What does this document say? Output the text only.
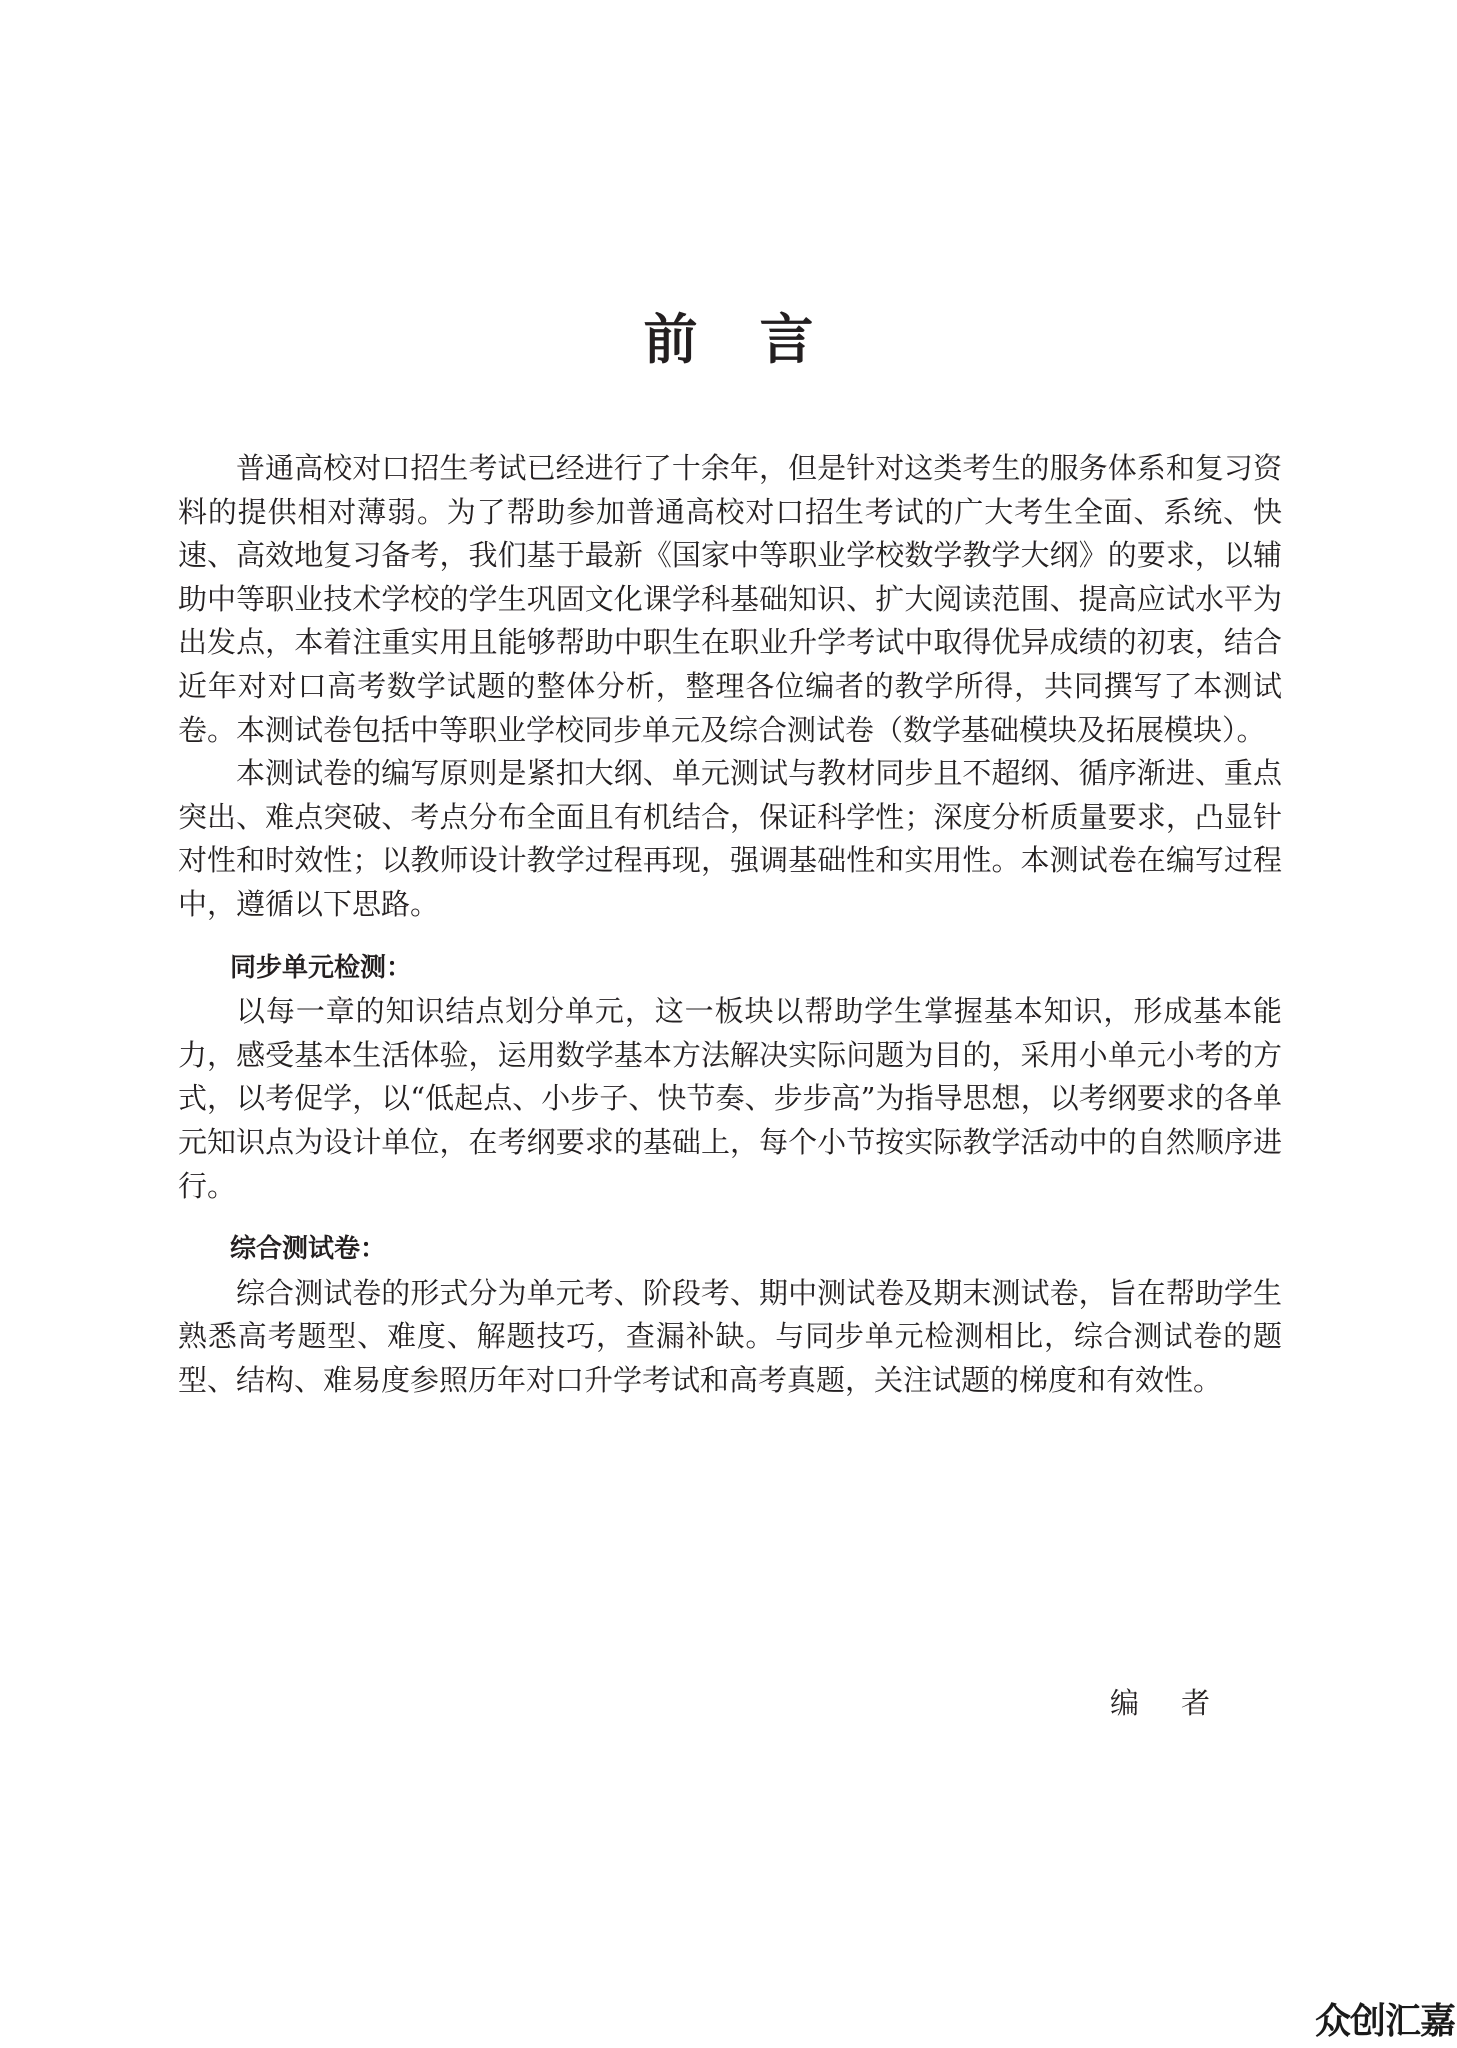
前言

普通高校对口招生考试已经进行了十余年，但是针对这类考生的服务体系和复习资料的提供相对薄弱。为了帮助参加普通高校对口招生考试的广大考生全面、系统、快速、高效地复习备考，我们基于最新《国家中等职业学校数学教学大纲》的要求，以辅助中等职业技术学校的学生巩固文化课学科基础知识、扩大阅读范围、提高应试水平为出发点，本着注重实用且能够帮助中职生在职业升学考试中取得优异成绩的初衷，结合近年对对口高考数学试题的整体分析，整理各位编者的教学所得，共同撰写了本测试卷。本测试卷包括中等职业学校同步单元及综合测试卷（数学基础模块及拓展模块）。

本测试卷的编写原则是紧扣大纲、单元测试与教材同步且不超纲、循序渐进、重点突出、难点突破、考点分布全面且有机结合，保证科学性；深度分析质量要求，凸显针对性和时效性；以教师设计教学过程再现，强调基础性和实用性。本测试卷在编写过程中，遵循以下思路。

同步单元检测：

以每一章的知识结点划分单元，这一板块以帮助学生掌握基本知识，形成基本能力，感受基本生活体验，运用数学基本方法解决实际问题为目的，采用小单元小考的方式，以考促学，以“低起点、小步子、快节奏、步步高”为指导思想，以考纲要求的各单元知识点为设计单位，在考纲要求的基础上，每个小节按实际教学活动中的自然顺序进行。

综合测试卷：

综合测试卷的形式分为单元考、阶段考、期中测试卷及期末测试卷，旨在帮助学生熟悉高考题型、难度、解题技巧，查漏补缺。与同步单元检测相比，综合测试卷的题型、结构、难易度参照历年对口升学考试和高考真题，关注试题的梯度和有效性。

编者
众创汇嘉
